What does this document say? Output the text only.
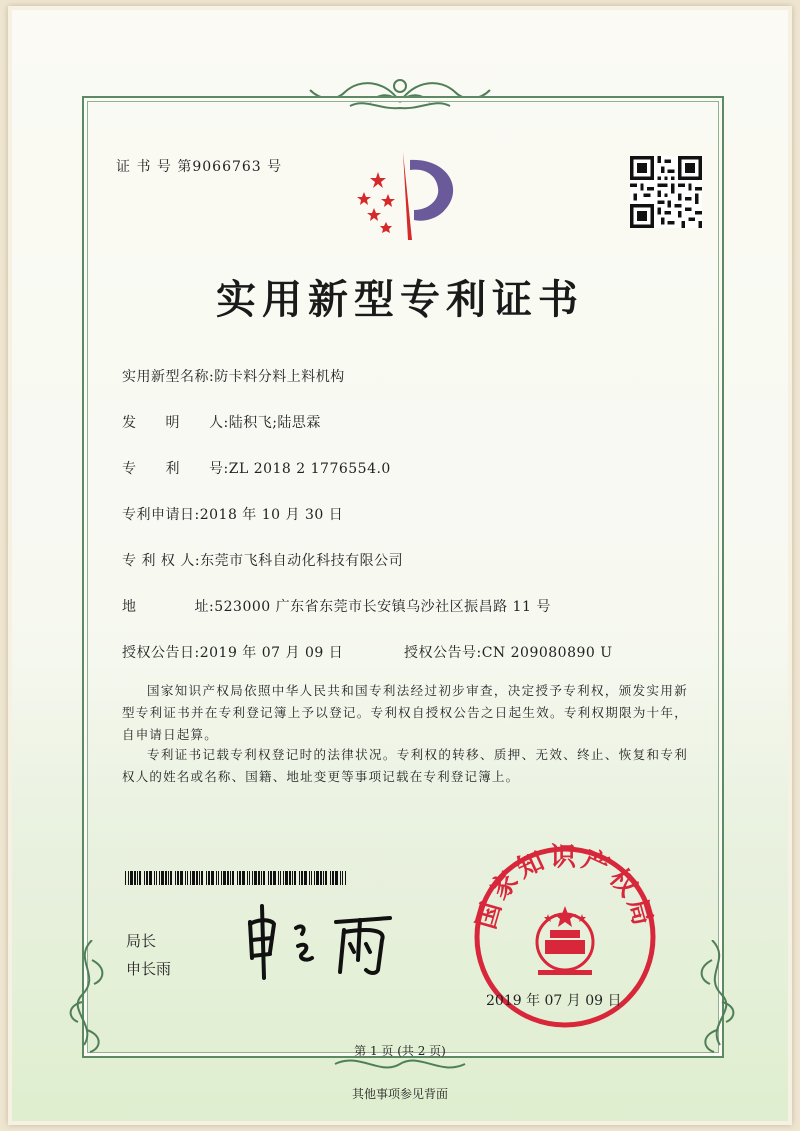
证 书 号 第9066763 号
实用新型专利证书
实用新型名称:防卡料分料上料机构
发　　明　　人:陆积飞;陆思霖
专　　利　　号:ZL 2018 2 1776554.0
专利申请日:2018 年 10 月 30 日
专 利 权 人:东莞市飞科自动化科技有限公司
地　　　　址:523000 广东省东莞市长安镇乌沙社区振昌路 11 号
授权公告日:2019 年 07 月 09 日	授权公告号:CN 209080890 U
国家知识产权局依照中华人民共和国专利法经过初步审查，决定授予专利权，颁发实用新型专利证书并在专利登记簿上予以登记。专利权自授权公告之日起生效。专利权期限为十年，自申请日起算。
专利证书记载专利权登记时的法律状况。专利权的转移、质押、无效、终止、恢复和专利权人的姓名或名称、国籍、地址变更等事项记载在专利登记簿上。
局长
申长雨
国家知识产权局
2019 年 07 月 09 日
第 1 页 (共 2 页)
其他事项参见背面
